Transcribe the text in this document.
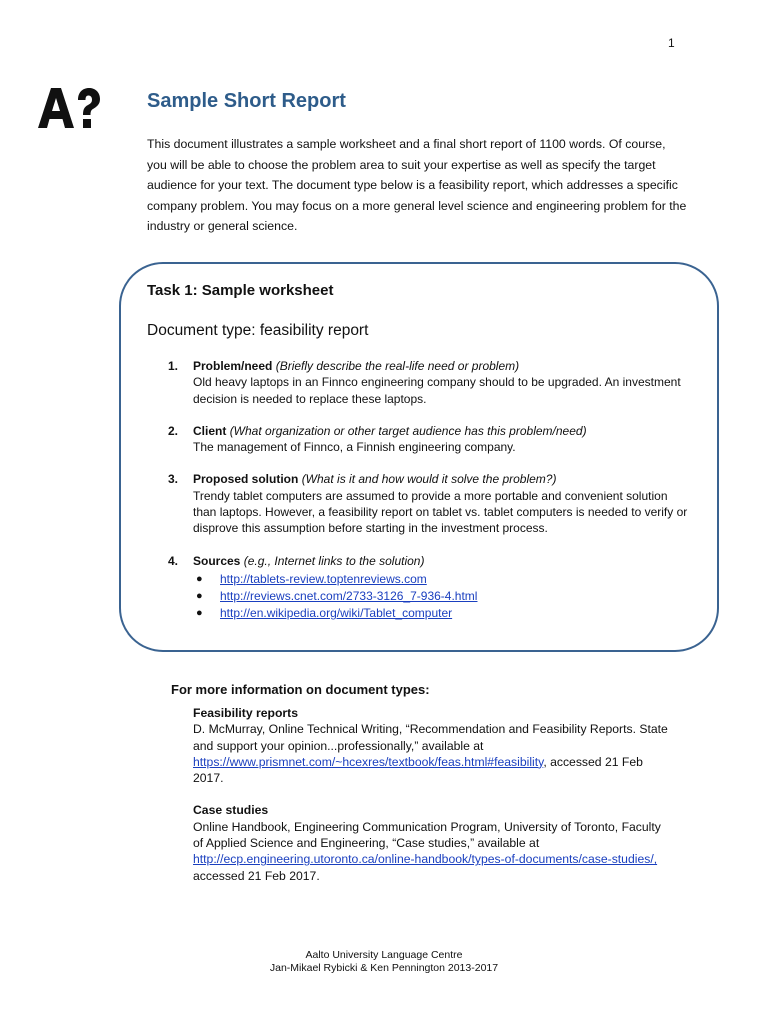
1
Sample Short Report

This document illustrates a sample worksheet and a final short report of 1100 words. Of course, you will be able to choose the problem area to suit your expertise as well as specify the target audience for your text. The document type below is a feasibility report, which addresses a specific company problem. You may focus on a more general level science and engineering problem for the industry or general science.

Task 1: Sample worksheet
Document type: feasibility report
1. Problem/need (Briefly describe the real-life need or problem)
Old heavy laptops in an Finnco engineering company should to be upgraded. An investment decision is needed to replace these laptops.
2. Client (What organization or other target audience has this problem/need)
The management of Finnco, a Finnish engineering company.
3. Proposed solution (What is it and how would it solve the problem?)
Trendy tablet computers are assumed to provide a more portable and convenient solution than laptops. However, a feasibility report on tablet vs. tablet computers is needed to verify or disprove this assumption before starting in the investment process.
4. Sources (e.g., Internet links to the solution)
● http://tablets-review.toptenreviews.com
● http://reviews.cnet.com/2733-3126_7-936-4.html
● http://en.wikipedia.org/wiki/Tablet_computer
For more information on document types:
Feasibility reports
D. McMurray, Online Technical Writing, “Recommendation and Feasibility Reports. State and support your opinion...professionally,” available at https://www.prismnet.com/~hcexres/textbook/feas.html#feasibility, accessed 21 Feb 2017.
Case studies
Online Handbook, Engineering Communication Program, University of Toronto, Faculty of Applied Science and Engineering, “Case studies,” available at http://ecp.engineering.utoronto.ca/online-handbook/types-of-documents/case-studies/, accessed 21 Feb 2017.
Aalto University Language Centre
Jan-Mikael Rybicki & Ken Pennington 2013-2017
